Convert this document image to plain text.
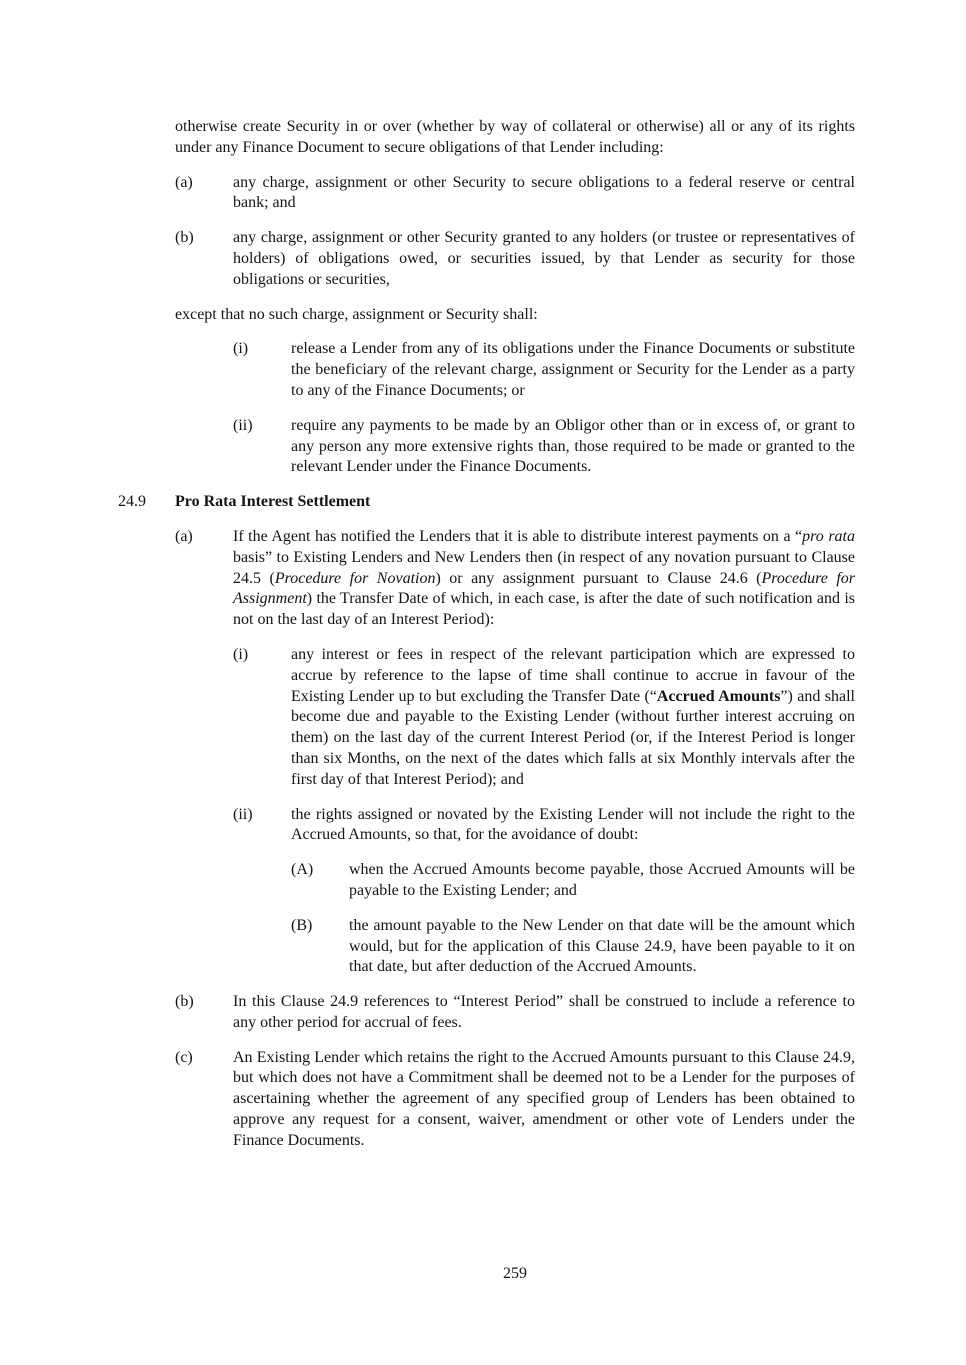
otherwise create Security in or over (whether by way of collateral or otherwise) all or any of its rights under any Finance Document to secure obligations of that Lender including:
(a)	any charge, assignment or other Security to secure obligations to a federal reserve or central bank; and
(b) any charge, assignment or other Security granted to any holders (or trustee or representatives of holders) of obligations owed, or securities issued, by that Lender as security for those obligations or securities,
except that no such charge, assignment or Security shall:
(i)	release a Lender from any of its obligations under the Finance Documents or substitute the beneficiary of the relevant charge, assignment or Security for the Lender as a party to any of the Finance Documents; or
(ii) require any payments to be made by an Obligor other than or in excess of, or grant to any person any more extensive rights than, those required to be made or granted to the relevant Lender under the Finance Documents.
24.9 Pro Rata Interest Settlement
(a)	If the Agent has notified the Lenders that it is able to distribute interest payments on a “pro rata basis” to Existing Lenders and New Lenders then (in respect of any novation pursuant to Clause 24.5 (Procedure for Novation) or any assignment pursuant to Clause 24.6 (Procedure for Assignment) the Transfer Date of which, in each case, is after the date of such notification and is not on the last day of an Interest Period):
(i)	any interest or fees in respect of the relevant participation which are expressed to accrue by reference to the lapse of time shall continue to accrue in favour of the Existing Lender up to but excluding the Transfer Date (“Accrued Amounts”) and shall become due and payable to the Existing Lender (without further interest accruing on them) on the last day of the current Interest Period (or, if the Interest Period is longer than six Months, on the next of the dates which falls at six Monthly intervals after the first day of that Interest Period); and
(ii) the rights assigned or novated by the Existing Lender will not include the right to the Accrued Amounts, so that, for the avoidance of doubt:
(A) when the Accrued Amounts become payable, those Accrued Amounts will be payable to the Existing Lender; and
(B) the amount payable to the New Lender on that date will be the amount which would, but for the application of this Clause 24.9, have been payable to it on that date, but after deduction of the Accrued Amounts.
(b) In this Clause 24.9 references to “Interest Period” shall be construed to include a reference to any other period for accrual of fees.
(c)	An Existing Lender which retains the right to the Accrued Amounts pursuant to this Clause 24.9, but which does not have a Commitment shall be deemed not to be a Lender for the purposes of ascertaining whether the agreement of any specified group of Lenders has been obtained to approve any request for a consent, waiver, amendment or other vote of Lenders under the Finance Documents.
259
